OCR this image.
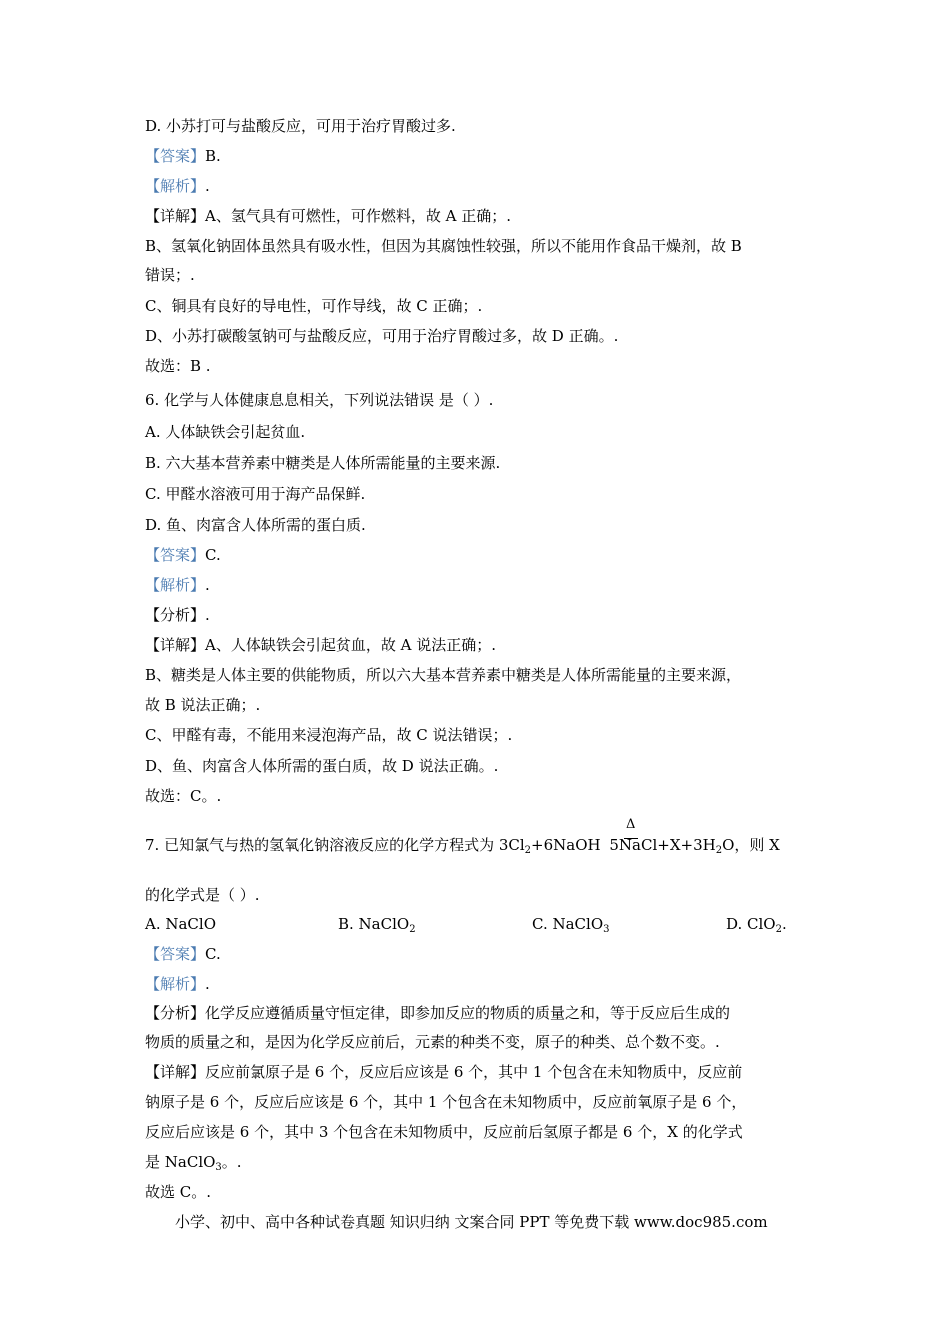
D. 小苏打可与盐酸反应，可用于治疗胃酸过多.
【答案】B.
【解析】.
【详解】A、氢气具有可燃性，可作燃料，故 A 正确；.
B、氢氧化钠固体虽然具有吸水性，但因为其腐蚀性较强，所以不能用作食品干燥剂，故 B
错误；.
C、铜具有良好的导电性，可作导线，故 C 正确；.
D、小苏打碳酸氢钠可与盐酸反应，可用于治疗胃酸过多，故 D 正确。.
故选：B .
6. 化学与人体健康息息相关，下列说法错误 是（ ）.
A. 人体缺铁会引起贫血.
B. 六大基本营养素中糖类是人体所需能量的主要来源.
C. 甲醛水溶液可用于海产品保鲜.
D. 鱼、肉富含人体所需的蛋白质.
【答案】C.
【解析】.
【分析】.
【详解】A、人体缺铁会引起贫血，故 A 说法正确；.
B、糖类是人体主要的供能物质，所以六大基本营养素中糖类是人体所需能量的主要来源，
故 B 说法正确；.
C、甲醛有毒，不能用来浸泡海产品，故 C 说法错误；.
D、鱼、肉富含人体所需的蛋白质，故 D 说法正确。.
故选：C。.
Δ
7. 已知氯气与热的氢氧化钠溶液反应的化学方程式为 $3Cl_2+6NaOH$ $5NaCl+X+3H_2O$，则 X
的化学式是（ ）.
A. NaClO	B. NaClO$_2$	C. NaClO$_3$	D. ClO$_2$.
【答案】C.
【解析】.
【分析】化学反应遵循质量守恒定律，即参加反应的物质的质量之和，等于反应后生成的
物质的质量之和，是因为化学反应前后，元素的种类不变，原子的种类、总个数不变。.
【详解】反应前氯原子是 6 个，反应后应该是 6 个，其中 1 个包含在未知物质中，反应前
钠原子是 6 个，反应后应该是 6 个，其中 1 个包含在未知物质中，反应前氧原子是 6 个，
反应后应该是 6 个，其中 3 个包含在未知物质中，反应前后氢原子都是 6 个，X 的化学式
是 NaClO$_3$。.
故选 C。.
小学、初中、高中各种试卷真题 知识归纳 文案合同 PPT 等免费下载 www.doc985.com
